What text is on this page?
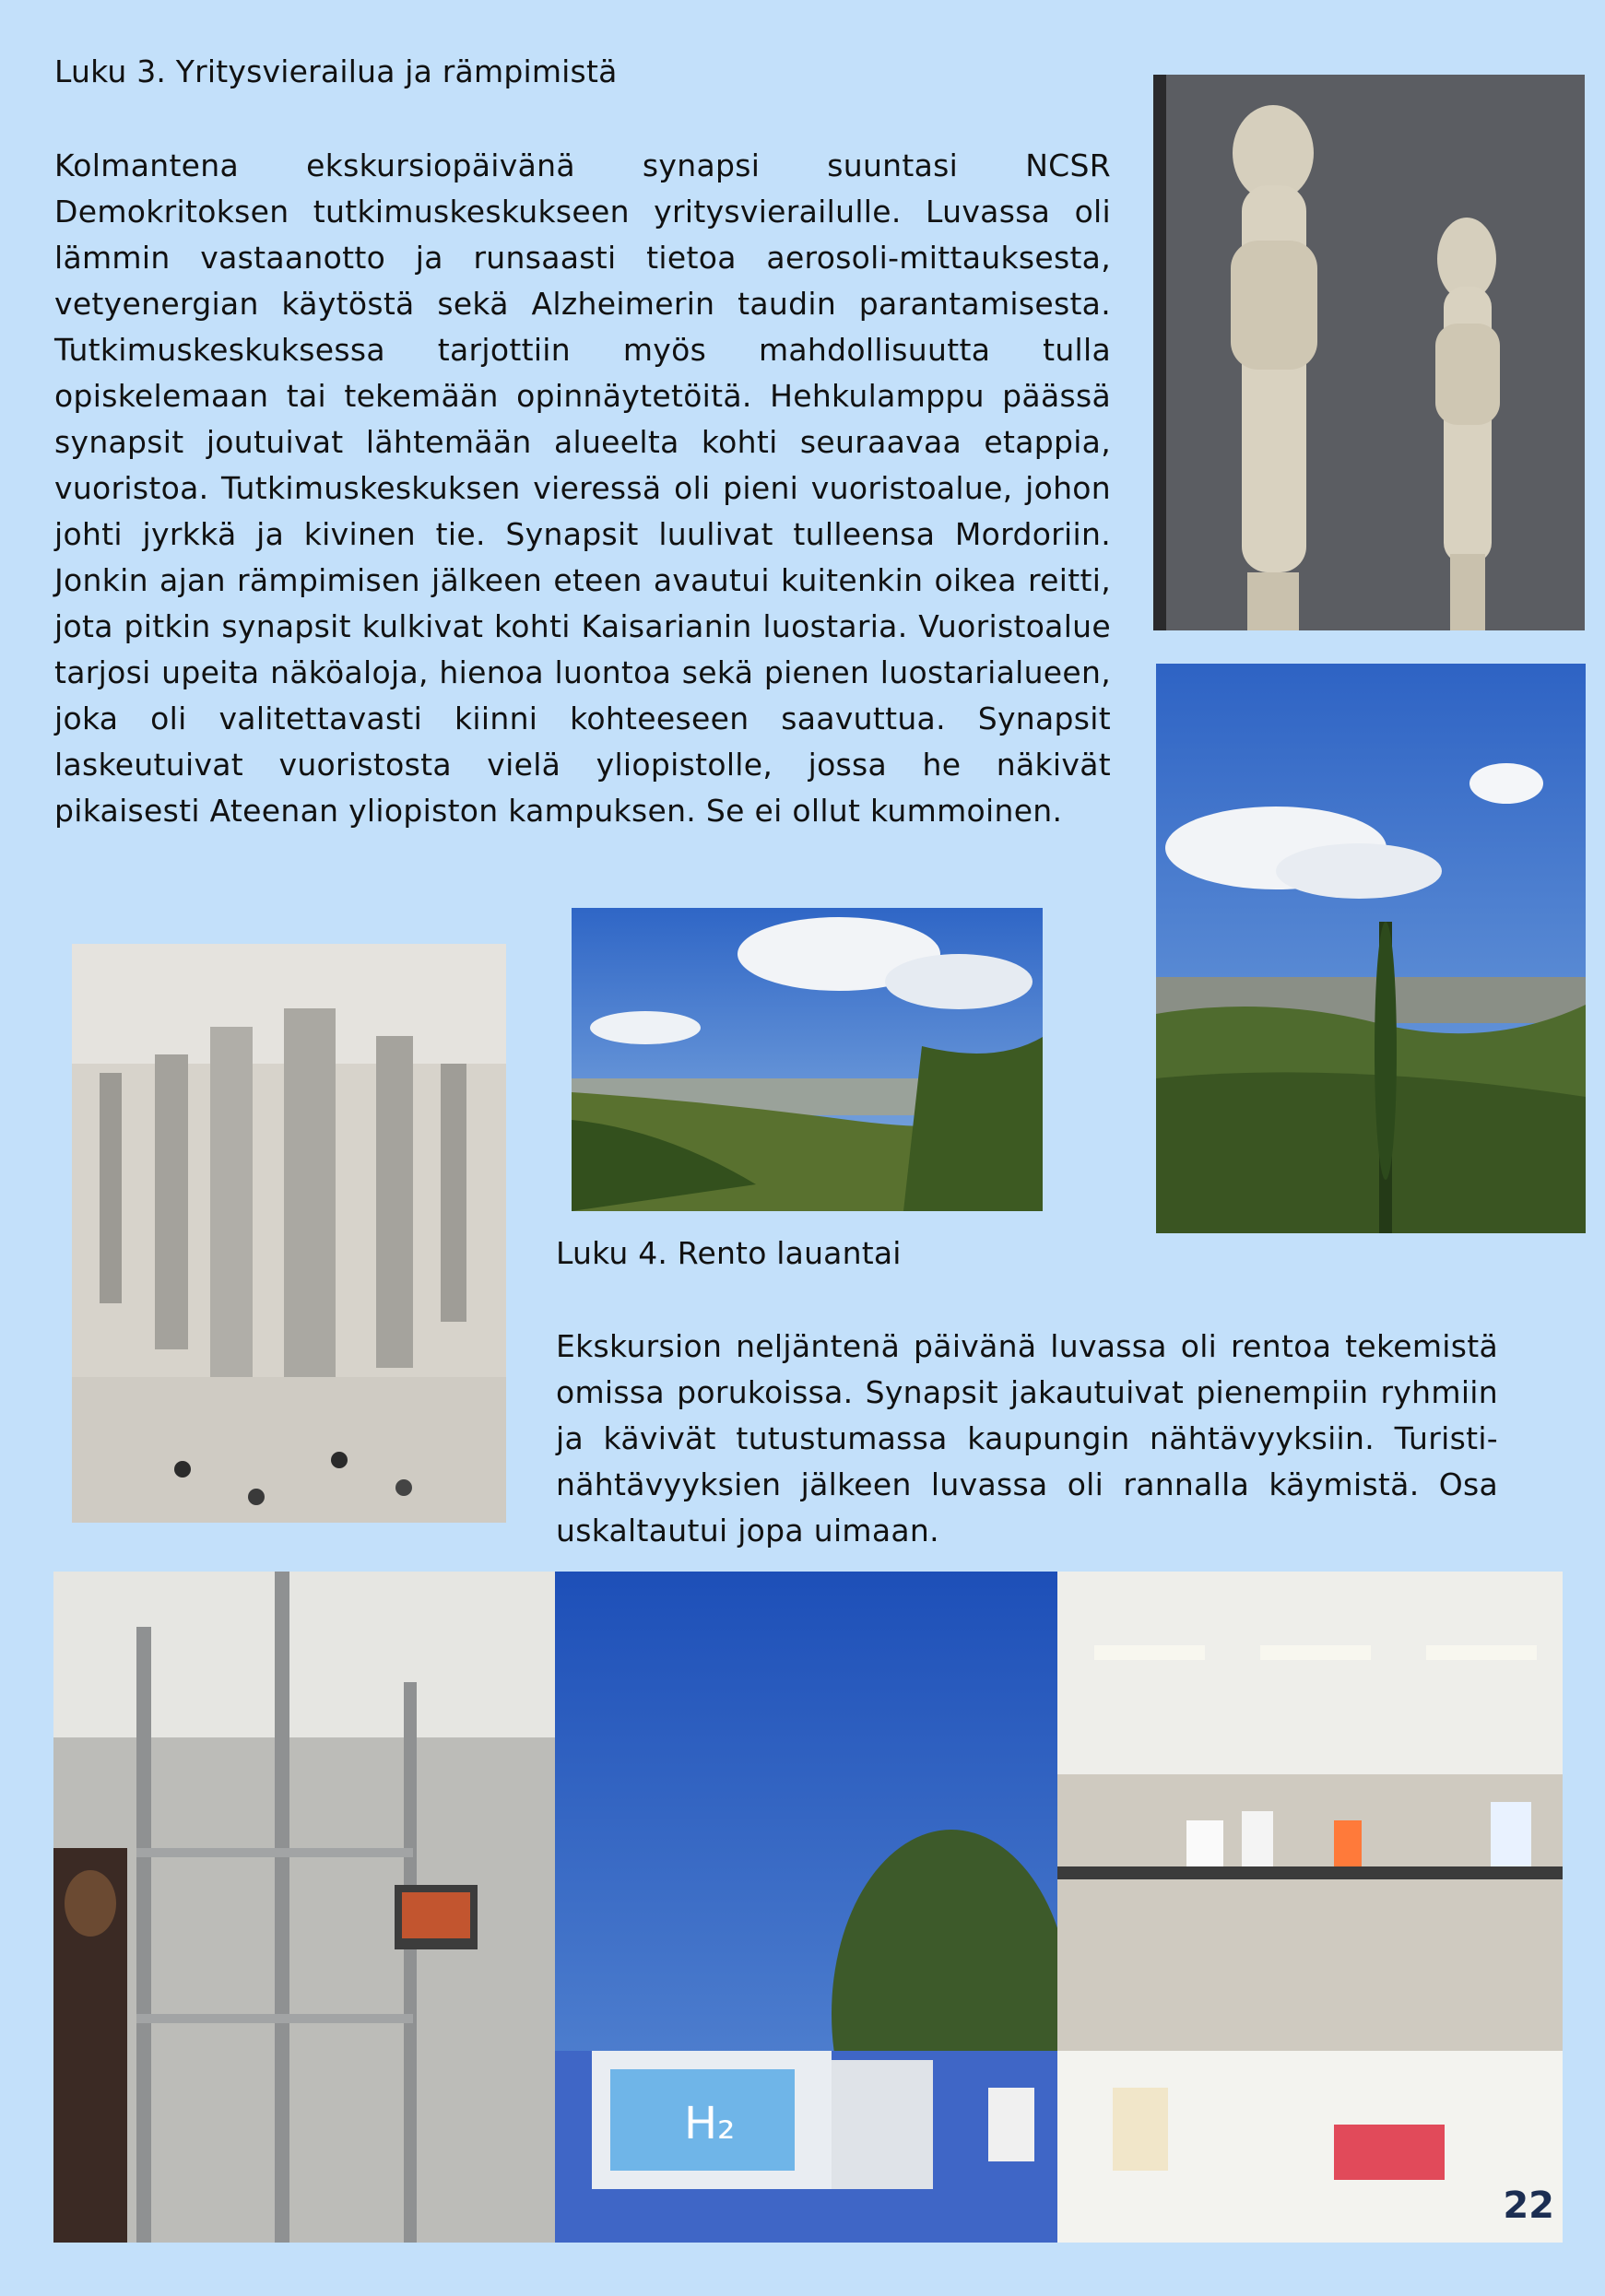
Luku 3. Yritysvierailua ja rämpimistä

Kolmantena ekskursiopäivänä synapsi suuntasi NCSR Demokritoksen tutkimuskeskukseen yritysvierailulle. Luvassa oli lämmin vastaanotto ja runsaasti tietoa aerosoli-mittauksesta, vetyenergian käytöstä sekä Alzheimerin taudin parantamisesta. Tutkimuskeskuksessa tarjottiin myös mahdollisuutta tulla opiskelemaan tai tekemään opinnäytetöitä. Hehkulamppu päässä synapsit joutuivat lähtemään alueelta kohti seuraavaa etappia, vuoristoa. Tutkimuskeskuksen vieressä oli pieni vuoristoalue, johon johti jyrkkä ja kivinen tie. Synapsit luulivat tulleensa Mordoriin. Jonkin ajan rämpimisen jälkeen eteen avautui kuitenkin oikea reitti, jota pitkin synapsit kulkivat kohti Kaisarianin luostaria. Vuoristoalue tarjosi upeita näköaloja, hienoa luontoa sekä pienen luostarialueen, joka oli valitettavasti kiinni kohteeseen saavuttua. Synapsit laskeutuivat vuoristosta vielä yliopistolle, jossa he näkivät pikaisesti Ateenan yliopiston kampuksen. Se ei ollut kummoinen.

Luku 4. Rento lauantai

Ekskursion neljäntenä päivänä luvassa oli rentoa tekemistä omissa porukoissa. Synapsit jakautuivat pienempiin ryhmiin ja kävivät tutustumassa kaupungin nähtävyyksiin. Turisti-nähtävyyksien jälkeen luvassa oli rannalla käymistä. Osa uskaltautui jopa uimaan.

H₂
22
